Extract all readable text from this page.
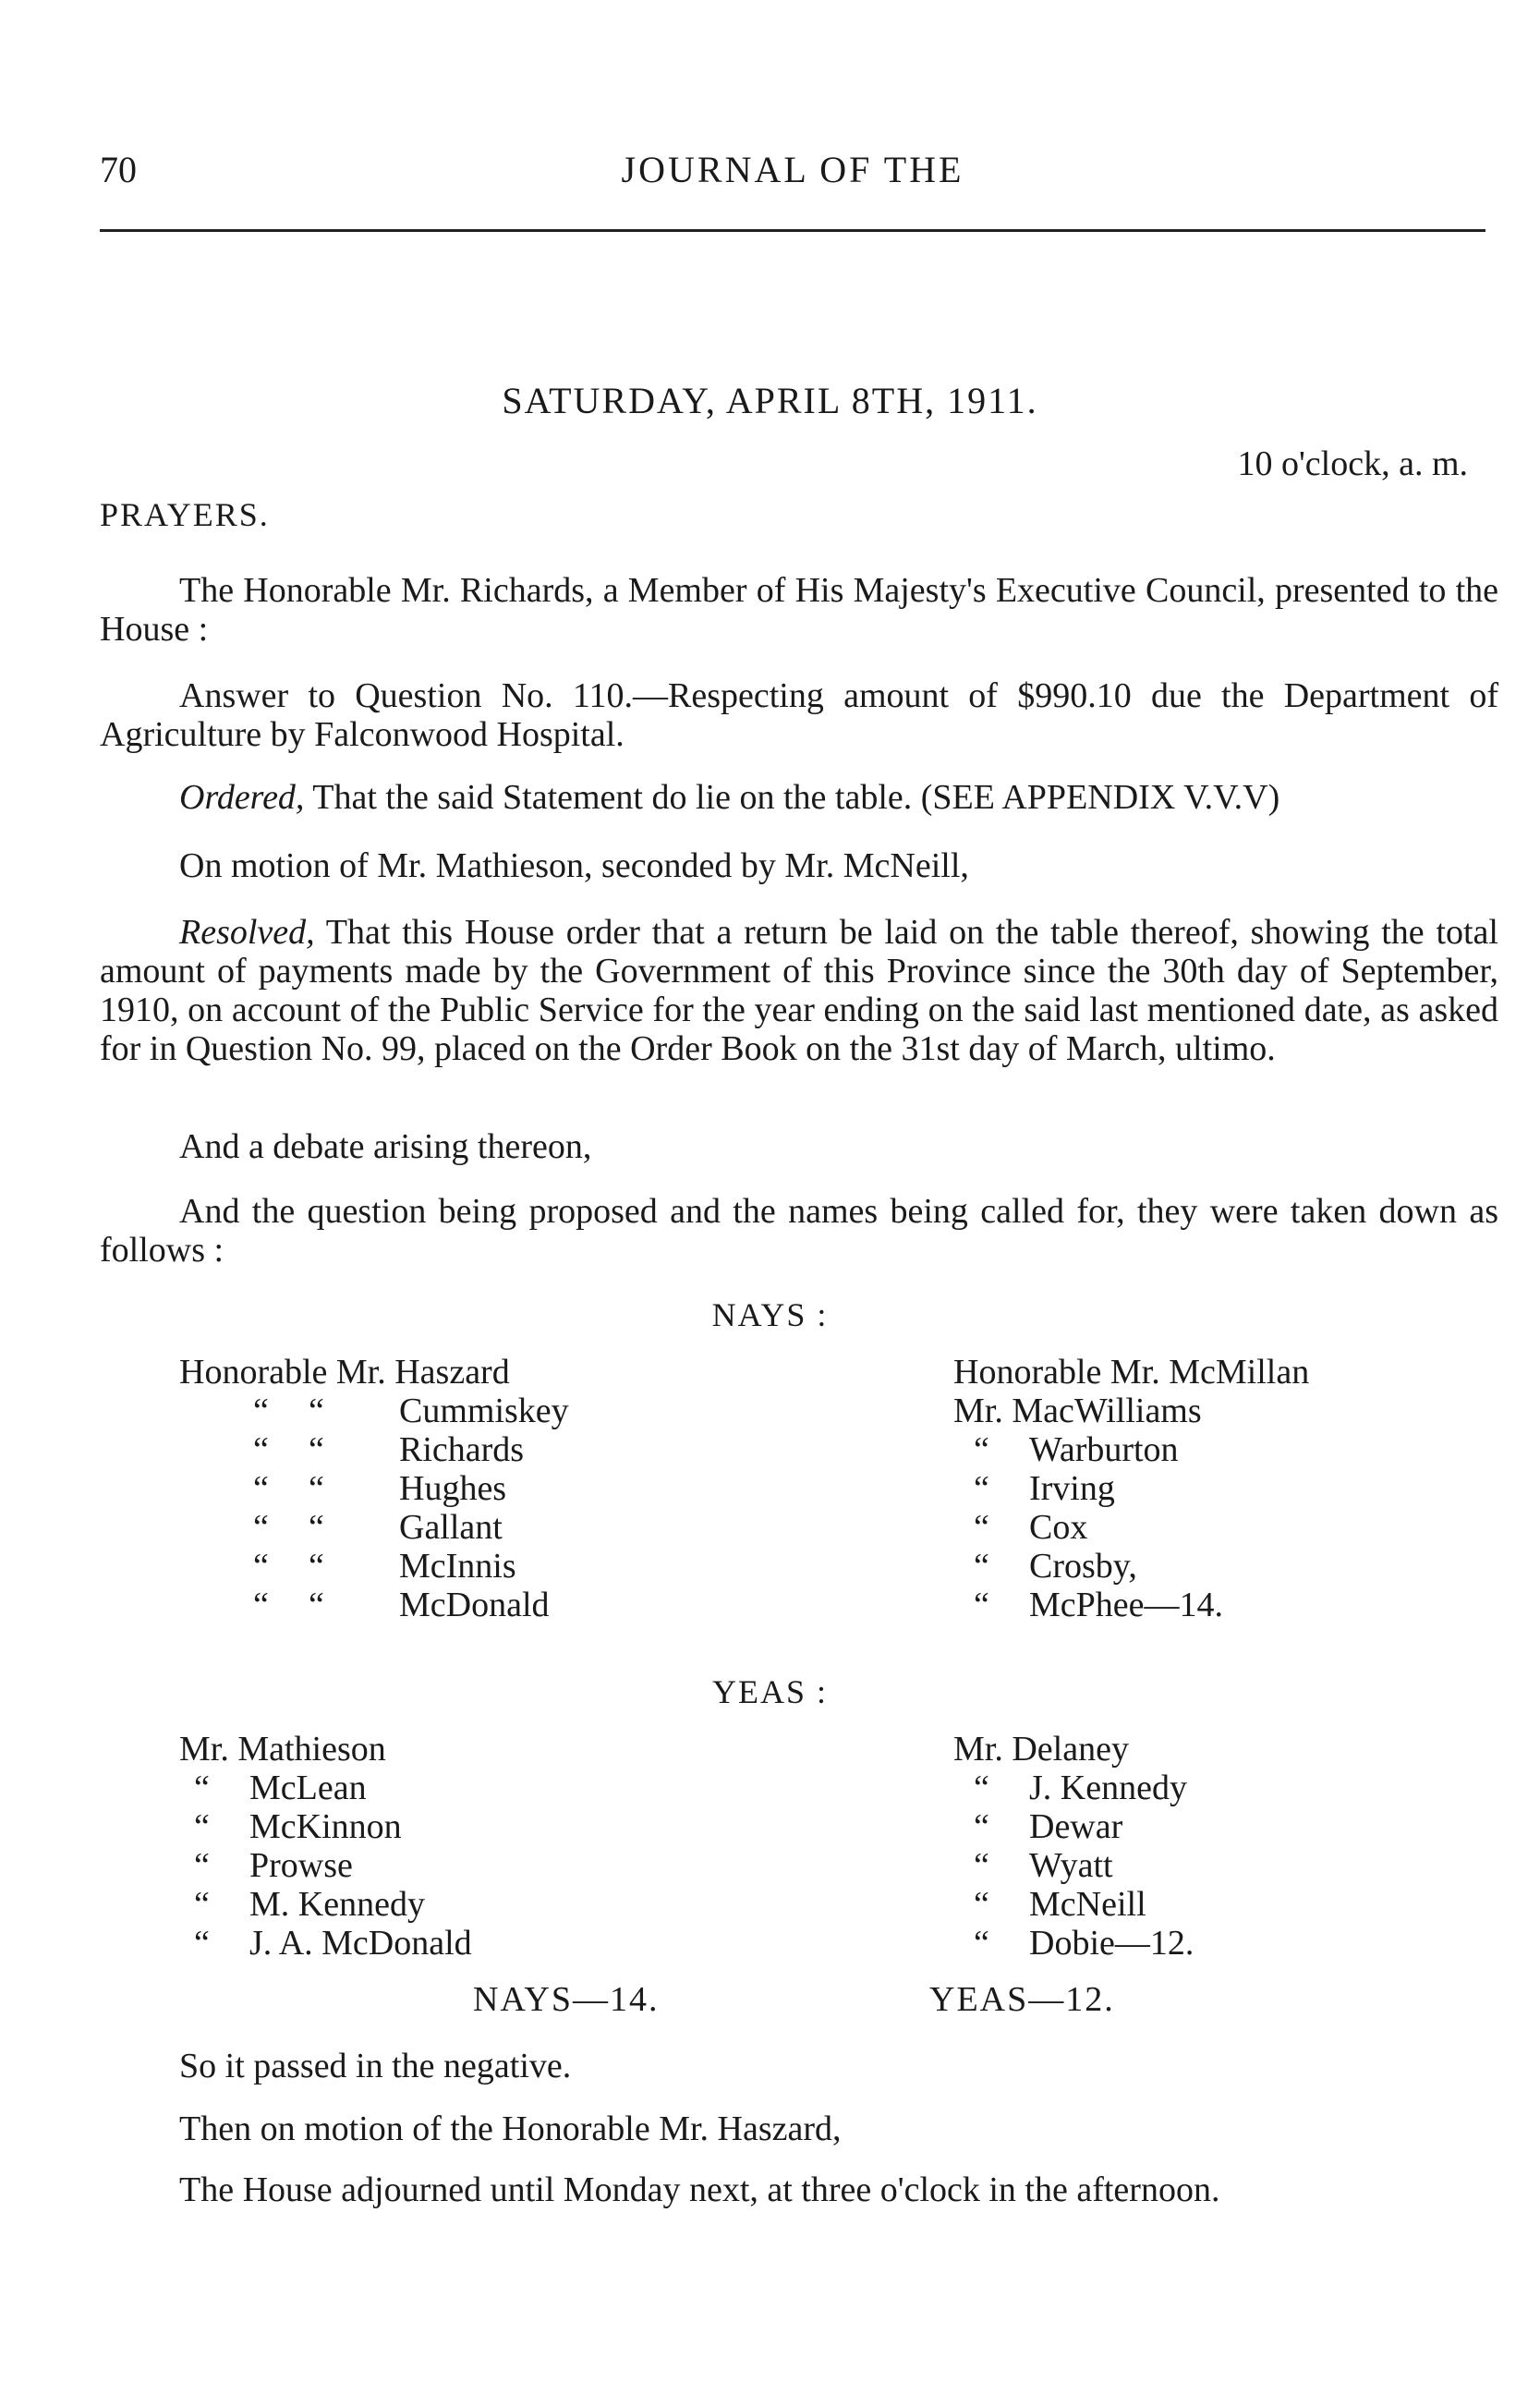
70	JOURNAL OF THE
SATURDAY, APRIL 8TH, 1911.
10 o'clock, a. m.
PRAYERS.

The Honorable Mr. Richards, a Member of His Majesty's Executive Council, presented to the House :

Answer to Question No. 110.—Respecting amount of $990.10 due the Department of Agriculture by Falconwood Hospital.

Ordered, That the said Statement do lie on the table. (SEE APPENDIX V.V.V)

On motion of Mr. Mathieson, seconded by Mr. McNeill,

Resolved, That this House order that a return be laid on the table thereof, showing the total amount of payments made by the Government of this Province since the 30th day of September, 1910, on account of the Public Service for the year ending on the said last mentioned date, as asked for in Question No. 99, placed on the Order Book on the 31st day of March, ultimo.

And a debate arising thereon,

And the question being proposed and the names being called for, they were taken down as follows :

NAYS :
Honorable Mr. Haszard
“ “ Cummiskey
“ “ Richards
“ “ Hughes
“ “ Gallant
“ “ McInnis
“ “ McDonald
Honorable Mr. McMillan
Mr. MacWilliams
“ Warburton
“ Irving
“ Cox
“ Crosby,
“ McPhee—14.
YEAS :
Mr. Mathieson
“ McLean
“ McKinnon
“ Prowse
“ M. Kennedy
“ J. A. McDonald
Mr. Delaney
“ J. Kennedy
“ Dewar
“ Wyatt
“ McNeill
“ Dobie—12.
NAYS—14.	YEAS—12.
So it passed in the negative.
Then on motion of the Honorable Mr. Haszard,
The House adjourned until Monday next, at three o'clock in the afternoon.
